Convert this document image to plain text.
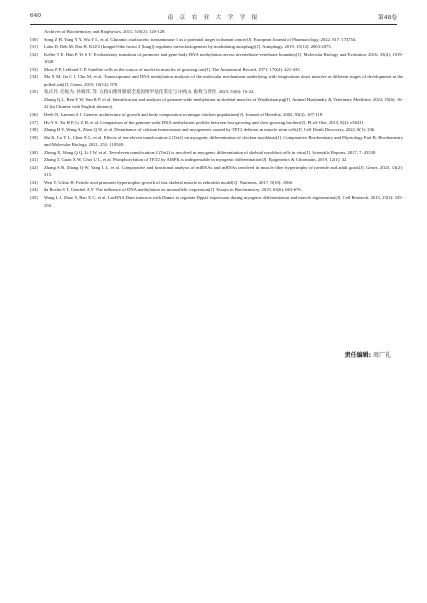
640	南 京 农 业 大 学 学 报	第48卷
Archives of Biochemistry and Biophysics, 2011, 510(2): 120-128.
[30]	Song Z H, Yang Y Y, Wu Y L, et al. Glutamic oxaloacetic transaminase 1 as a potential target in human cancer[J]. European Journal of Pharmacology, 2022, 917: 174754.
[31]	Laha D, Deb M, Das H. KLF2 (kruppel-like factor 2 [lung]) regulates osteoclastogenesis by modulating autophagy[J]. Autophagy, 2019, 15(12): 2063-2075.
[32]	Keller T E, Han P, Yi S V. Evolutionary transition of promoter and gene body DNA methylation across invertebrate-vertebrate boundary[J]. Molecular Biology and Evolution, 2016, 33(4): 1019-1028.
[33]	Moss F P, Leblond C P. Satellite cells as the source of nuclei in muscles of growing rats[J]. The Anatomical Record, 1971, 170(4): 421-435.
[34]	Ma X M, Jia C J, Chu M, et al. Transcriptome and DNA methylation analyses of the molecular mechanisms underlying with longissimus dorsi muscles at different stages of development in the polled yak[J]. Genes, 2019, 10(12): 970.
[35]	张庆玲, 任振为, 孙端萍, 等. 五指山猪骨骼肌全基因组甲基化鉴定与分析[J]. 畜牧与兽医, 2023, 55(6): 16-22.
Zhang Q L, Ren Y W, Sun R P, et al. Identification and analysis of genome-wide methylation in skeletal muscles of Wuzhishan pig[J]. Animal Husbandry & Veterinary Medicine, 2023, 55(6): 16-22 (in Chinese with English abstract).
[36]	Deeb N, Lamont S J. Genetic architecture of growth and body composition in unique chicken populations[J]. Journal of Heredity, 2002, 93(2): 107-118.
[37]	Hu Y S, Xu H P, Li Z H, et al. Comparison of the genome-wide DNA methylation profiles between fast-growing and slow-growing broilers[J]. PLoS One, 2013, 8(2): e56411.
[38]	Zhang H Y, Wang S, Zhou Q W, et al. Disturbance of calcium homeostasis and myogenesis caused by TET2 deletion in muscle stem cells[J]. Cell Death Discovery, 2022, 8(1): 236.
[39]	Shi K, Lu Y L, Chen X L, et al. Effects of ten-eleven translocation-2 (Tet2) on myogenic differentiation of chicken myoblasts[J]. Comparative Biochemistry and Physiology Part B: Biochemistry and Molecular Biology, 2021, 252: 110540.
[40]	Zhong X, Wang Q Q, Li J W, et al. Ten-eleven translocation-2 (Tet2) is involved in myogenic differentiation of skeletal myoblast cells in vitro[J]. Scientific Reports, 2017, 7: 43539.
[41]	Zhang T, Guan X W, Choi U L, et al. Phosphorylation of TET2 by AMPK is indispensable in myogenic differentiation[J]. Epigenetics & Chromatin, 2019, 12(1): 32.
[42]	Zhang S B, Zhang Q W, Yang L L, et al. Comparative and functional analysis of miRNAs and mRNAs involved in muscle fiber hypertrophy of juvenile and adult goats[J]. Genes, 2023, 14(2): 315.
[43]	Wen Y, Ushio H. Ferulic acid promotes hypertrophic growth of fast skeletal muscle in zebrafish model[J]. Nutrients, 2017, 9(10): 1066.
[44]	da Rocha S T, Gendrel A V. The influence of DNA methylation on monoallelic expression[J]. Essays in Biochemistry, 2019, 63(6): 663-676.
[45]	Wang L J, Zhao Y, Bao X C, et al. LncRNA Dum interacts with Dnmts to regulate Dppa2 expression during myogenic differentiation and muscle regeneration[J]. Cell Research, 2015, 25(3): 335-350.
责任编辑: 周广礼
